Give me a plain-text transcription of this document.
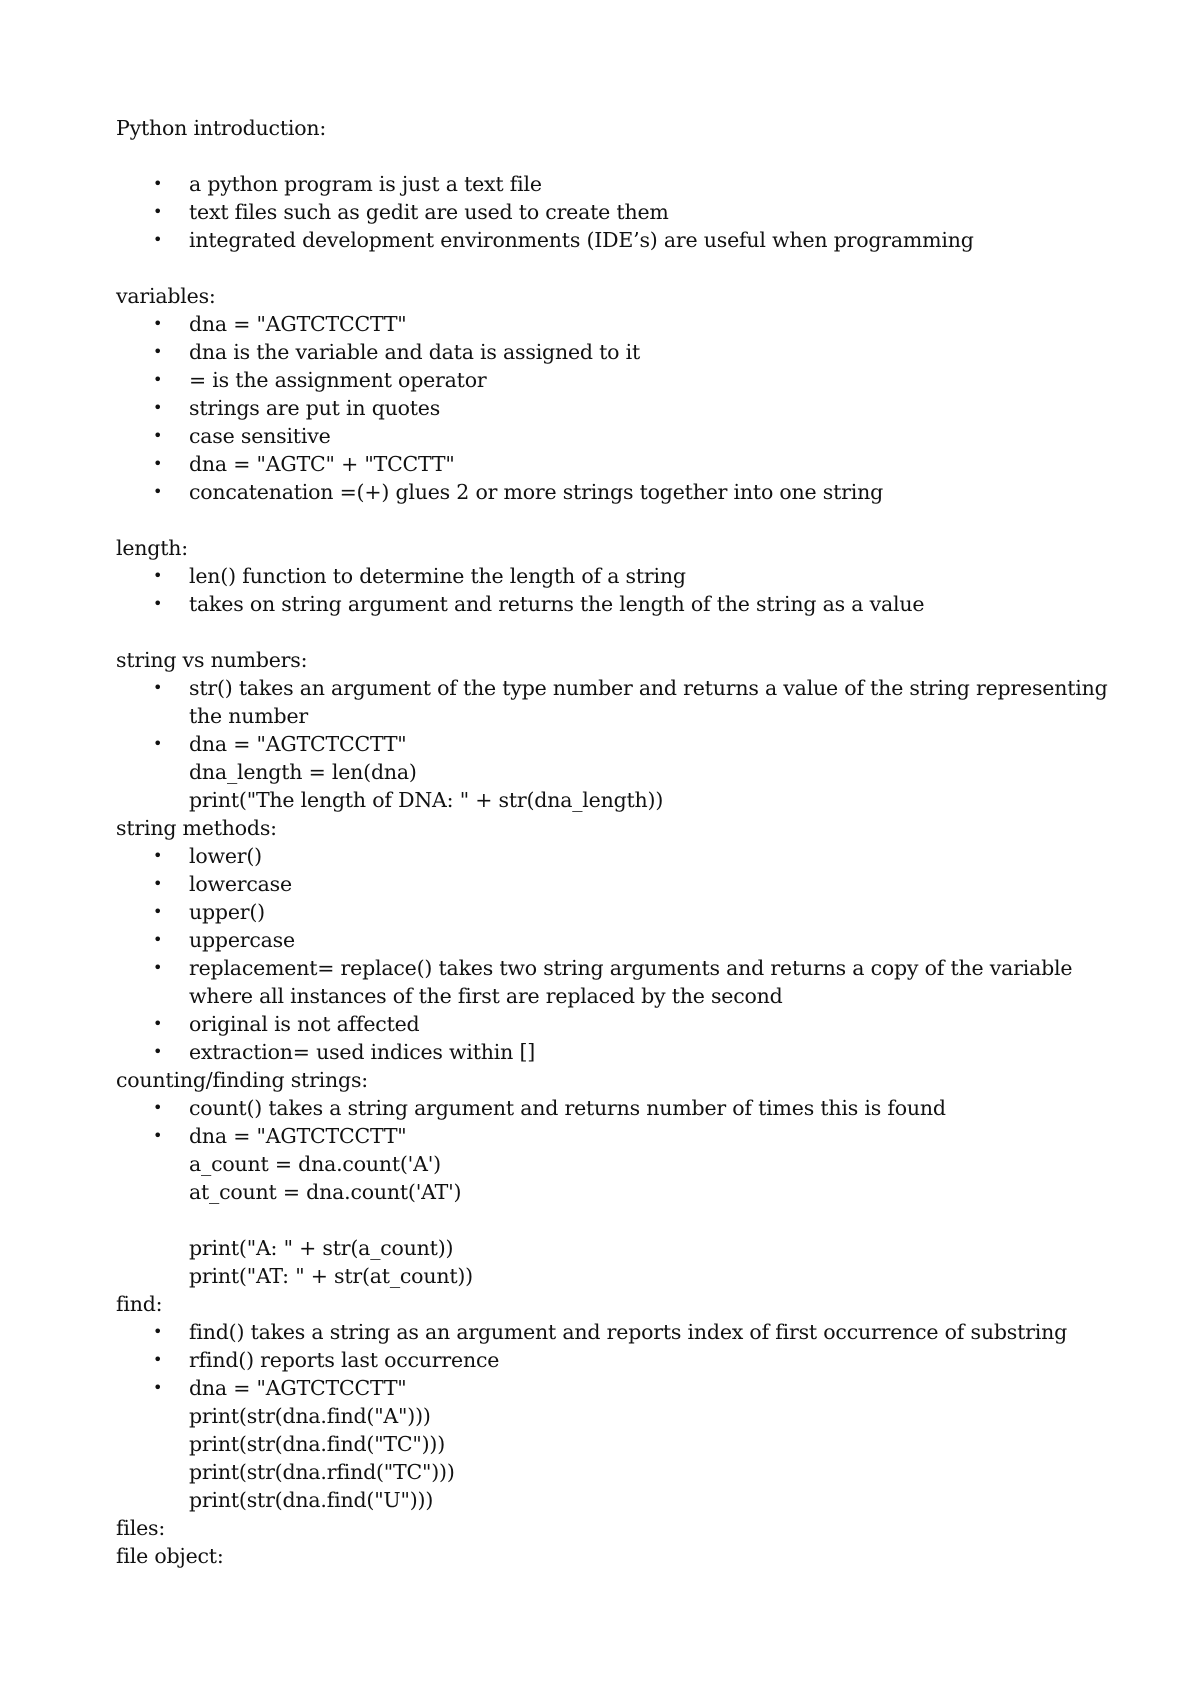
Python introduction:
• a python program is just a text file
• text files such as gedit are used to create them
• integrated development environments (IDE’s) are useful when programming
variables:
• dna = "AGTCTCCTT"
• dna is the variable and data is assigned to it
• = is the assignment operator
• strings are put in quotes
• case sensitive
• dna = "AGTC" + "TCCTT"
• concatenation =(+) glues 2 or more strings together into one string
length:
• len() function to determine the length of a string
• takes on string argument and returns the length of the string as a value
string vs numbers:
• str() takes an argument of the type number and returns a value of the string representing the number
• dna = "AGTCTCCTT"
dna_length = len(dna)
print("The length of DNA: " + str(dna_length))
string methods:
• lower()
• lowercase
• upper()
• uppercase
• replacement= replace() takes two string arguments and returns a copy of the variable where all instances of the first are replaced by the second
• original is not affected
• extraction= used indices within []
counting/finding strings:
• count() takes a string argument and returns number of times this is found
• dna = "AGTCTCCTT"
a_count = dna.count('A')
at_count = dna.count('AT')
print("A: " + str(a_count))
print("AT: " + str(at_count))
find:
• find() takes a string as an argument and reports index of first occurrence of substring
• rfind() reports last occurrence
• dna = "AGTCTCCTT"
print(str(dna.find("A")))
print(str(dna.find("TC")))
print(str(dna.rfind("TC")))
print(str(dna.find("U")))
files:
file object:
